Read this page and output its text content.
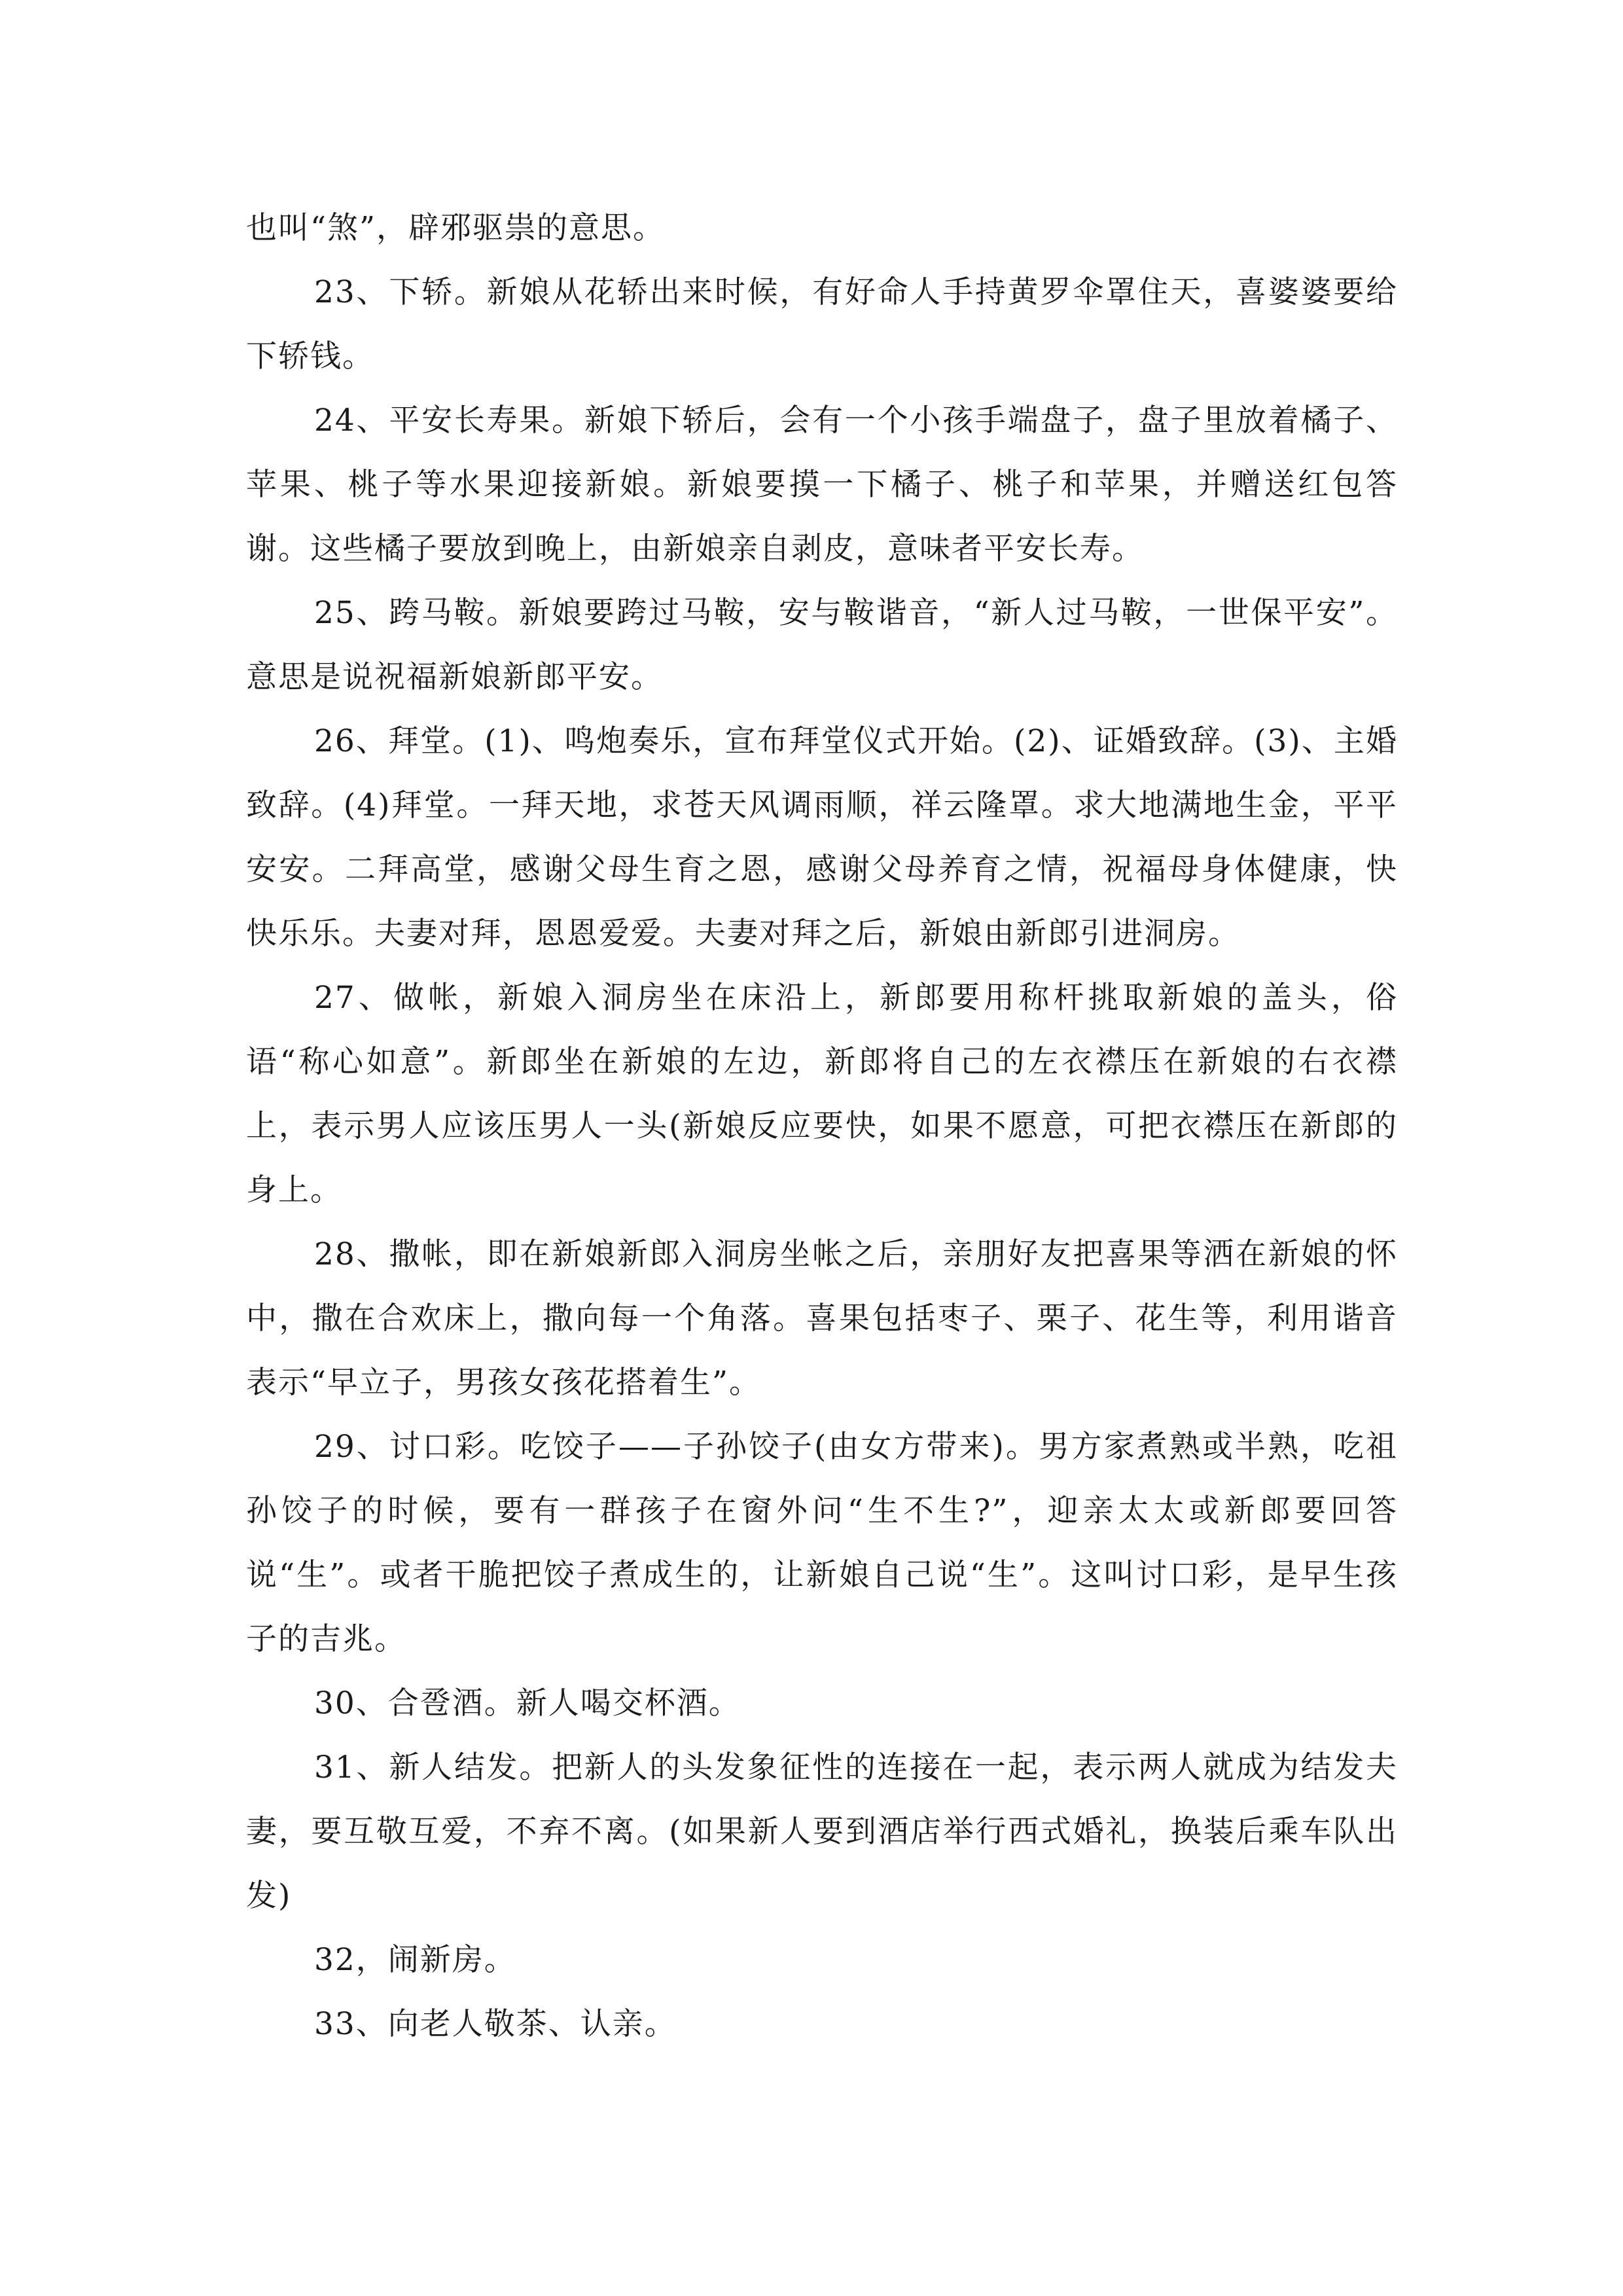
也叫“煞”，辟邪驱祟的意思。

23、下轿。新娘从花轿出来时候，有好命人手持黄罗伞罩住天，喜婆婆要给下轿钱。

24、平安长寿果。新娘下轿后，会有一个小孩手端盘子，盘子里放着橘子、苹果、桃子等水果迎接新娘。新娘要摸一下橘子、桃子和苹果，并赠送红包答谢。这些橘子要放到晚上，由新娘亲自剥皮，意味者平安长寿。

25、跨马鞍。新娘要跨过马鞍，安与鞍谐音，“新人过马鞍，一世保平安”。意思是说祝福新娘新郎平安。

26、拜堂。(1)、鸣炮奏乐，宣布拜堂仪式开始。(2)、证婚致辞。(3)、主婚致辞。(4)拜堂。一拜天地，求苍天风调雨顺，祥云隆罩。求大地满地生金，平平安安。二拜高堂，感谢父母生育之恩，感谢父母养育之情，祝福母身体健康，快快乐乐。夫妻对拜，恩恩爱爱。夫妻对拜之后，新娘由新郎引进洞房。

27、做帐，新娘入洞房坐在床沿上，新郎要用称杆挑取新娘的盖头，俗语“称心如意”。新郎坐在新娘的左边，新郎将自己的左衣襟压在新娘的右衣襟上，表示男人应该压男人一头(新娘反应要快，如果不愿意，可把衣襟压在新郎的身上。

28、撒帐，即在新娘新郎入洞房坐帐之后，亲朋好友把喜果等洒在新娘的怀中，撒在合欢床上，撒向每一个角落。喜果包括枣子、栗子、花生等，利用谐音表示“早立子，男孩女孩花搭着生”。

29、讨口彩。吃饺子——子孙饺子(由女方带来)。男方家煮熟或半熟，吃祖孙饺子的时候，要有一群孩子在窗外问“生不生?”，迎亲太太或新郎要回答说“生”。或者干脆把饺子煮成生的，让新娘自己说“生”。这叫讨口彩，是早生孩子的吉兆。

30、合卺酒。新人喝交杯酒。

31、新人结发。把新人的头发象征性的连接在一起，表示两人就成为结发夫妻，要互敬互爱，不弃不离。(如果新人要到酒店举行西式婚礼，换装后乘车队出发)

32，闹新房。

33、向老人敬茶、认亲。
